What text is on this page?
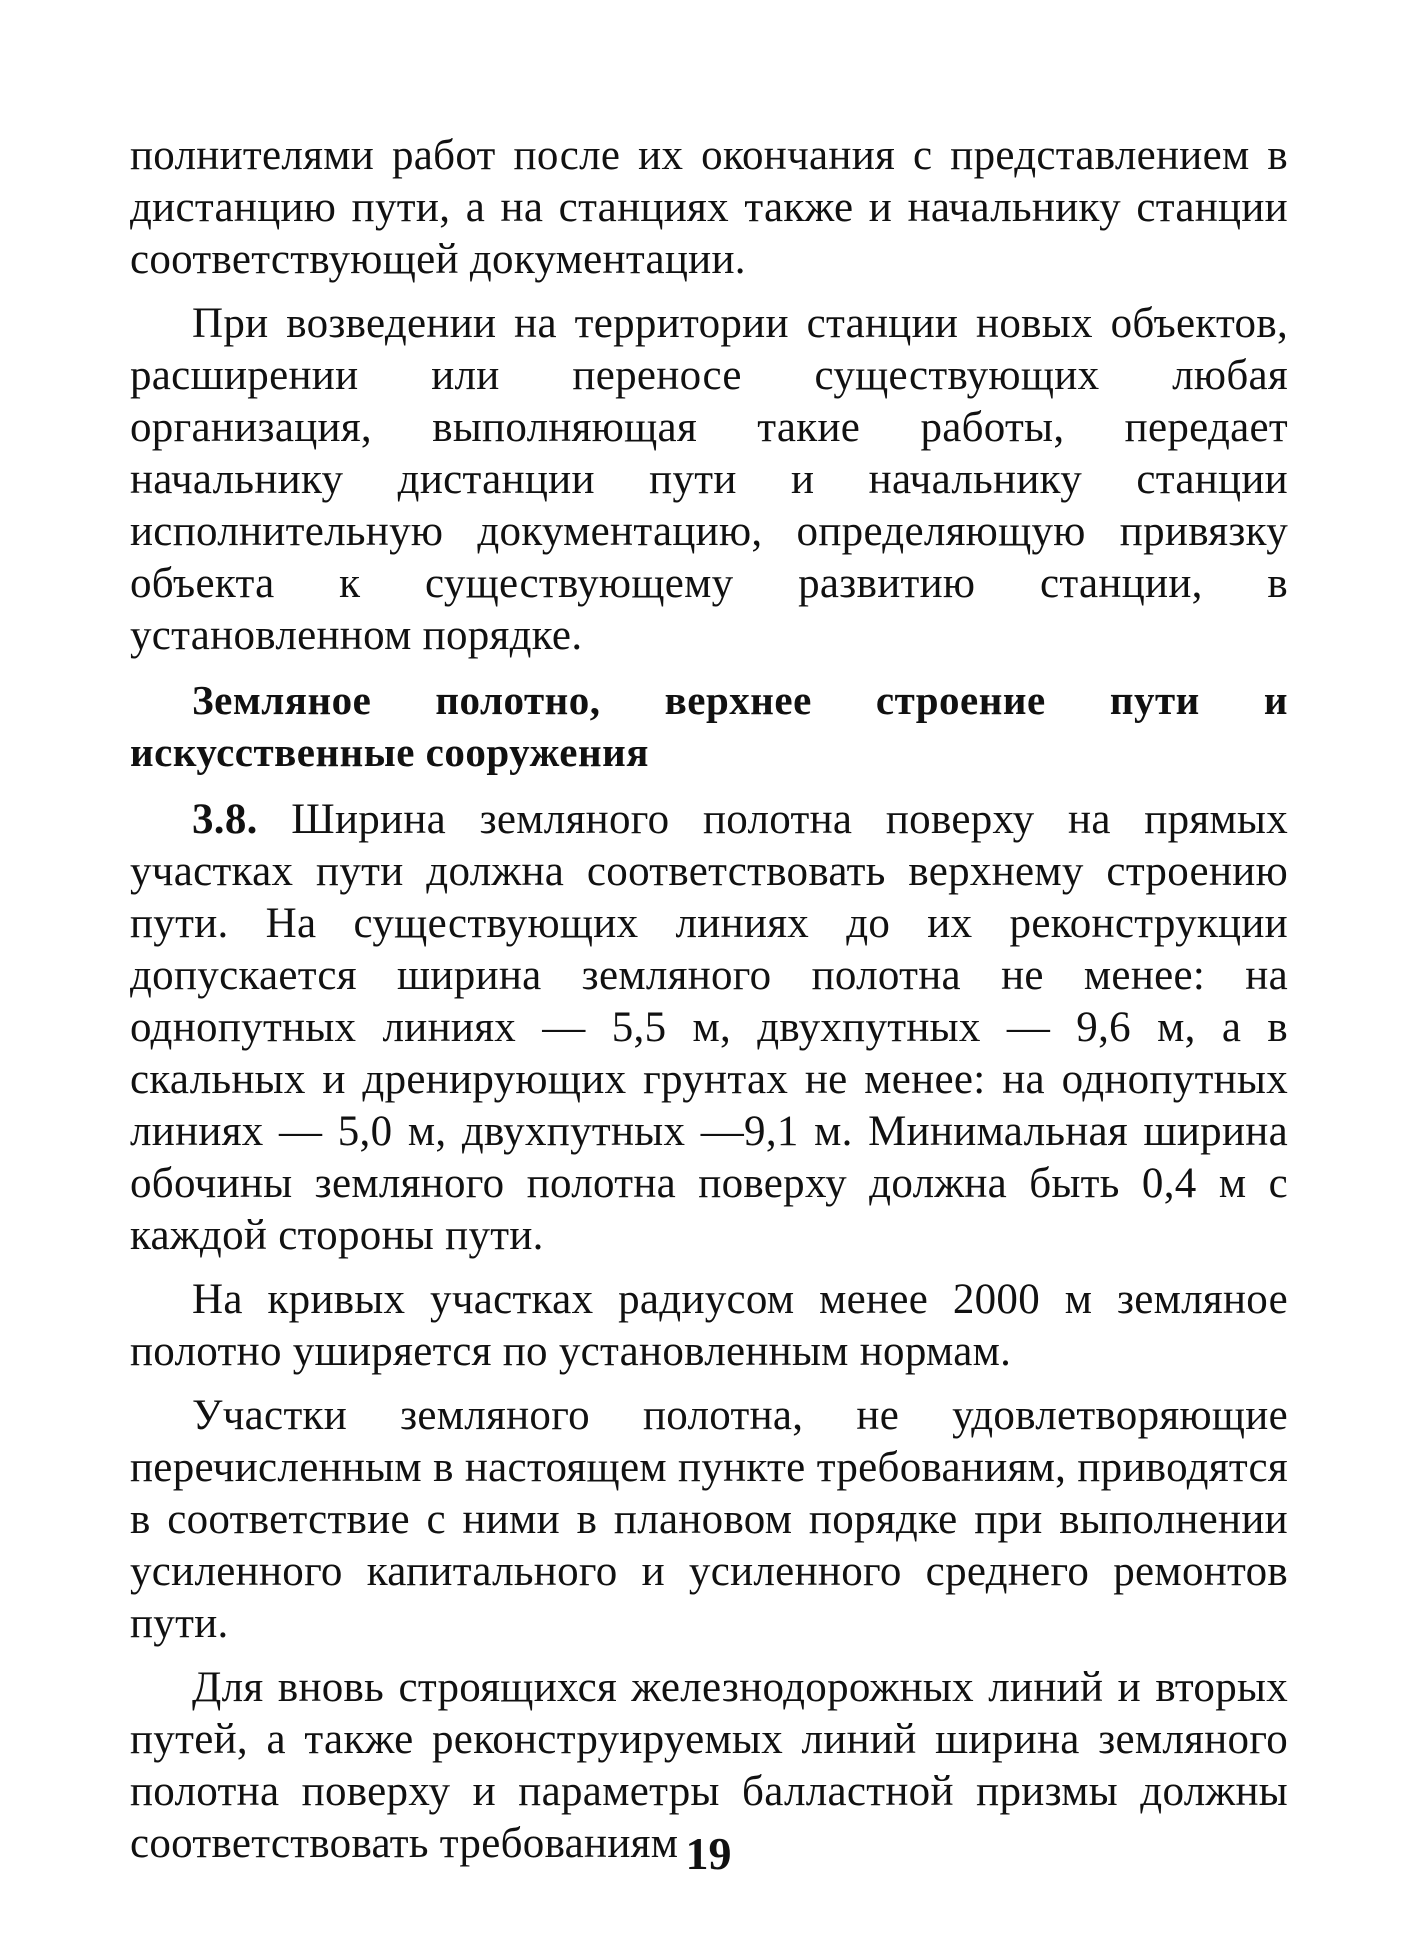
полнителями работ после их окончания с представлением в дистанцию пути, а на станциях также и начальнику станции соответствующей документации.

При возведении на территории станции новых объектов, расширении или переносе существующих любая организация, выполняющая такие работы, передает начальнику дистанции пути и начальнику станции исполнительную документацию, определяющую привязку объекта к существующему развитию станции, в установленном порядке.

Земляное полотно, верхнее строение пути и искусственные сооружения

3.8. Ширина земляного полотна поверху на прямых участках пути должна соответствовать верхнему строению пути. На существующих линиях до их реконструкции допускается ширина земляного полотна не менее: на однопутных линиях — 5,5 м, двухпутных — 9,6 м, а в скальных и дренирующих грунтах не менее: на однопутных линиях — 5,0 м, двухпутных —9,1 м. Минимальная ширина обочины земляного полотна поверху должна быть 0,4 м с каждой стороны пути.

На кривых участках радиусом менее 2000 м земляное полотно уширяется по установленным нормам.

Участки земляного полотна, не удовлетворяющие перечисленным в настоящем пункте требованиям, приводятся в соответствие с ними в плановом порядке при выполнении усиленного капитального и усиленного среднего ремонтов пути.

Для вновь строящихся железнодорожных линий и вторых путей, а также реконструируемых линий ширина земляного полотна поверху и параметры балластной призмы должны соответствовать требованиям 19
